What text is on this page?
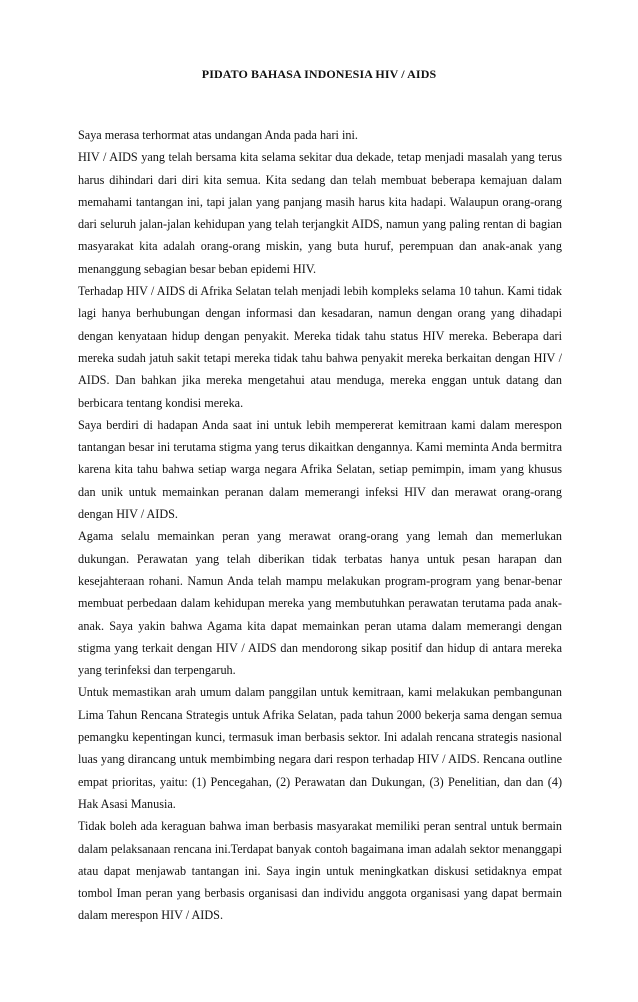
PIDATO BAHASA INDONESIA HIV / AIDS

Saya merasa terhormat atas undangan Anda pada hari ini.

HIV / AIDS yang telah bersama kita selama sekitar dua dekade, tetap menjadi masalah yang terus harus dihindari dari diri kita semua. Kita sedang dan telah membuat beberapa kemajuan dalam memahami tantangan ini, tapi jalan yang panjang masih harus kita hadapi. Walaupun orang-orang dari seluruh jalan-jalan kehidupan yang telah terjangkit AIDS, namun yang paling rentan di bagian masyarakat kita adalah orang-orang miskin, yang buta huruf, perempuan dan anak-anak yang menanggung sebagian besar beban epidemi HIV.

Terhadap HIV / AIDS di Afrika Selatan telah menjadi lebih kompleks selama 10 tahun. Kami tidak lagi hanya berhubungan dengan informasi dan kesadaran, namun dengan orang yang dihadapi dengan kenyataan hidup dengan penyakit. Mereka tidak tahu status HIV mereka. Beberapa dari mereka sudah jatuh sakit tetapi mereka tidak tahu bahwa penyakit mereka berkaitan dengan HIV / AIDS. Dan bahkan jika mereka mengetahui atau menduga, mereka enggan untuk datang dan berbicara tentang kondisi mereka.

Saya berdiri di hadapan Anda saat ini untuk lebih mempererat kemitraan kami dalam merespon tantangan besar ini terutama stigma yang terus dikaitkan dengannya. Kami meminta Anda bermitra karena kita tahu bahwa setiap warga negara Afrika Selatan, setiap pemimpin, imam yang khusus dan unik untuk memainkan peranan dalam memerangi infeksi HIV dan merawat orang-orang dengan HIV / AIDS.

Agama selalu memainkan peran yang merawat orang-orang yang lemah dan memerlukan dukungan. Perawatan yang telah diberikan tidak terbatas hanya untuk pesan harapan dan kesejahteraan rohani. Namun Anda telah mampu melakukan program-program yang benar-benar membuat perbedaan dalam kehidupan mereka yang membutuhkan perawatan terutama pada anak-anak. Saya yakin bahwa Agama kita dapat memainkan peran utama dalam memerangi dengan stigma yang terkait dengan HIV / AIDS dan mendorong sikap positif dan hidup di antara mereka yang terinfeksi dan terpengaruh.

Untuk memastikan arah umum dalam panggilan untuk kemitraan, kami melakukan pembangunan Lima Tahun Rencana Strategis untuk Afrika Selatan, pada tahun 2000 bekerja sama dengan semua pemangku kepentingan kunci, termasuk iman berbasis sektor. Ini adalah rencana strategis nasional luas yang dirancang untuk membimbing negara dari respon terhadap HIV / AIDS. Rencana outline empat prioritas, yaitu: (1) Pencegahan, (2) Perawatan dan Dukungan, (3) Penelitian, dan dan (4) Hak Asasi Manusia.

Tidak boleh ada keraguan bahwa iman berbasis masyarakat memiliki peran sentral untuk bermain dalam pelaksanaan rencana ini.Terdapat banyak contoh bagaimana iman adalah sektor menanggapi atau dapat menjawab tantangan ini. Saya ingin untuk meningkatkan diskusi setidaknya empat tombol Iman peran yang berbasis organisasi dan individu anggota organisasi yang dapat bermain dalam merespon HIV / AIDS.
